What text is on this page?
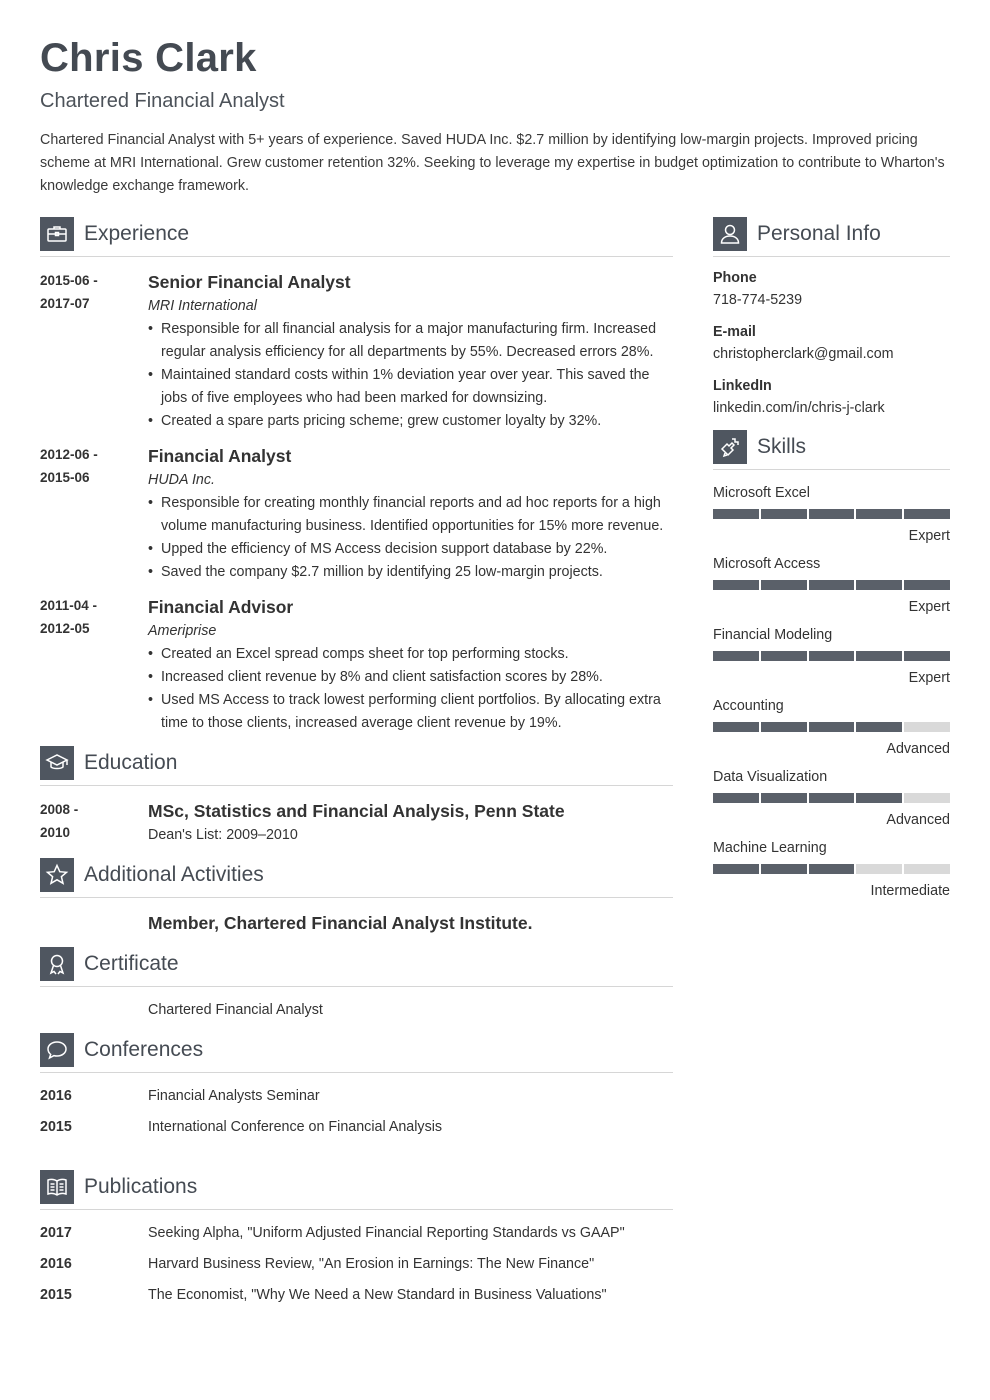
Chris Clark
Chartered Financial Analyst
Chartered Financial Analyst with 5+ years of experience. Saved HUDA Inc. $2.7 million by identifying low-margin projects. Improved pricing scheme at MRI International. Grew customer retention 32%. Seeking to leverage my expertise in budget optimization to contribute to Wharton's knowledge exchange framework.
Experience
2015-06 -
2017-07
Senior Financial Analyst
MRI International
• Responsible for all financial analysis for a major manufacturing firm. Increased regular analysis efficiency for all departments by 55%. Decreased errors 28%.
• Maintained standard costs within 1% deviation year over year. This saved the jobs of five employees who had been marked for downsizing.
• Created a spare parts pricing scheme; grew customer loyalty by 32%.
2012-06 -
2015-06
Financial Analyst
HUDA Inc.
• Responsible for creating monthly financial reports and ad hoc reports for a high volume manufacturing business. Identified opportunities for 15% more revenue.
• Upped the efficiency of MS Access decision support database by 22%.
• Saved the company $2.7 million by identifying 25 low-margin projects.
2011-04 -
2012-05
Financial Advisor
Ameriprise
• Created an Excel spread comps sheet for top performing stocks.
• Increased client revenue by 8% and client satisfaction scores by 28%.
• Used MS Access to track lowest performing client portfolios. By allocating extra time to those clients, increased average client revenue by 19%.
Education
2008 -
2010
MSc, Statistics and Financial Analysis, Penn State
Dean's List: 2009–2010
Additional Activities
Member, Chartered Financial Analyst Institute.
Certificate
Chartered Financial Analyst
Conferences
2016	Financial Analysts Seminar
2015	International Conference on Financial Analysis
Publications
2017	Seeking Alpha, "Uniform Adjusted Financial Reporting Standards vs GAAP"
2016	Harvard Business Review, "An Erosion in Earnings: The New Finance"
2015	The Economist, "Why We Need a New Standard in Business Valuations"
Personal Info
Phone
718-774-5239
E-mail
christopherclark@gmail.com
LinkedIn
linkedin.com/in/chris-j-clark
Skills
Microsoft Excel
Expert
Microsoft Access
Expert
Financial Modeling
Expert
Accounting
Advanced
Data Visualization
Advanced
Machine Learning
Intermediate
